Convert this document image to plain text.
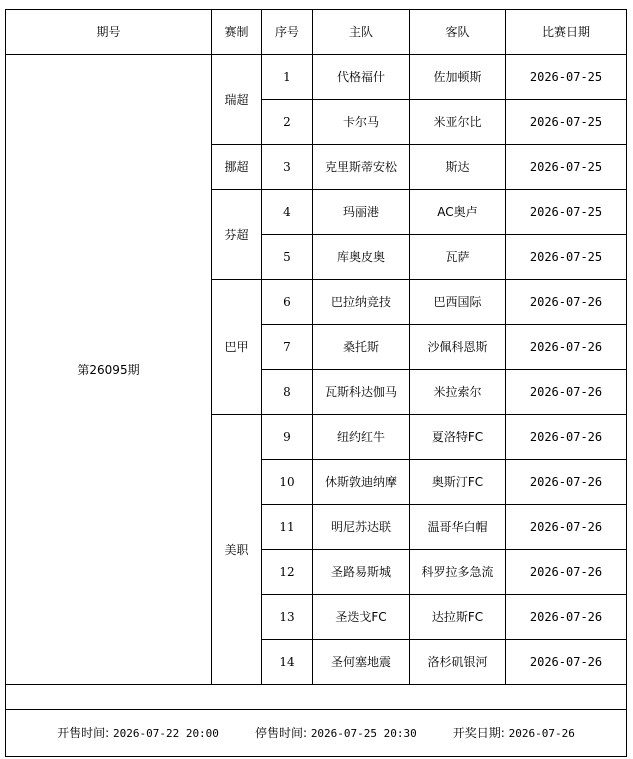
期号	赛制	序号	主队	客队	比赛日期
第26095期	瑞超	1	代格福什	佐加顿斯	2026-07-25
		2	卡尔马	米亚尔比	2026-07-25
	挪超	3	克里斯蒂安松	斯达	2026-07-25
	芬超	4	玛丽港	AC奥卢	2026-07-25
		5	库奥皮奥	瓦萨	2026-07-25
	巴甲	6	巴拉纳竞技	巴西国际	2026-07-26
		7	桑托斯	沙佩科恩斯	2026-07-26
		8	瓦斯科达伽马	米拉索尔	2026-07-26
	美职	9	纽约红牛	夏洛特FC	2026-07-26
		10	休斯敦迪纳摩	奥斯汀FC	2026-07-26
		11	明尼苏达联	温哥华白帽	2026-07-26
		12	圣路易斯城	科罗拉多急流	2026-07-26
		13	圣迭戈FC	达拉斯FC	2026-07-26
		14	圣何塞地震	洛杉矶银河	2026-07-26

开售时间: 2026-07-22 20:00 停售时间: 2026-07-25 20:30 开奖日期: 2026-07-26					
